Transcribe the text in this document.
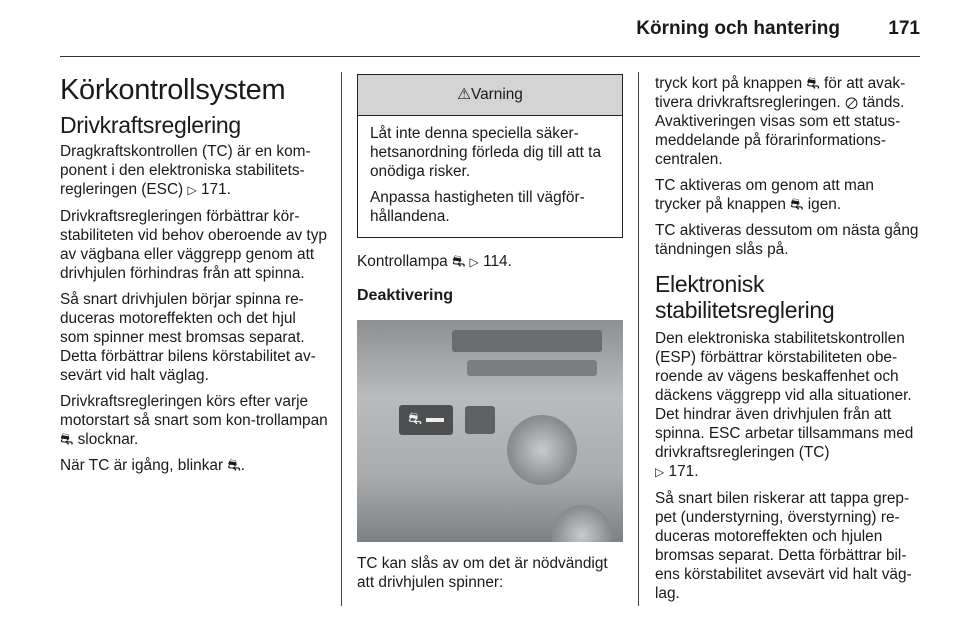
Körning och hantering	171
Körkontrollsystem
Drivkraftsreglering

Dragkraftskontrollen (TC) är en kom-ponent i den elektroniska stabilitets-regleringen (ESC) ▷ 171.

Drivkraftsregleringen förbättrar kör-stabiliteten vid behov oberoende av typ av vägbana eller väggrepp genom att drivhjulen förhindras från att spinna.

Så snart drivhjulen börjar spinna re-duceras motoreffekten och det hjul som spinner mest bromsas separat. Detta förbättrar bilens körstabilitet av-sevärt vid halt väglag.

Drivkraftsregleringen körs efter varje motorstart så snart som kon-trollampan ⛐ slocknar.

När TC är igång, blinkar ⛐.

⚠Varning

Låt inte denna speciella säker-hetsanordning förleda dig till att ta onödiga risker.

Anpassa hastigheten till vägför-hållandena.

Kontrollampa ⛐ ▷ 114.

Deaktivering
⛐

TC kan slås av om det är nödvändigt att drivhjulen spinner:

tryck kort på knappen ⛐ för att avak-tivera drivkraftsregleringen. ⊘ tänds. Avaktiveringen visas som ett status-meddelande på förarinformations-centralen.

TC aktiveras om genom att man trycker på knappen ⛐ igen.

TC aktiveras dessutom om nästa gång tändningen slås på.

Elektronisk stabilitetsreglering

Den elektroniska stabilitetskontrollen (ESP) förbättrar körstabiliteten obe-roende av vägens beskaffenhet och däckens väggrepp vid alla situationer. Det hindrar även drivhjulen från att spinna. ESC arbetar tillsammans med drivkraftsregleringen (TC)
▷ 171.

Så snart bilen riskerar att tappa grep-pet (understyrning, överstyrning) re-duceras motoreffekten och hjulen bromsas separat. Detta förbättrar bil-ens körstabilitet avsevärt vid halt väg-lag.
